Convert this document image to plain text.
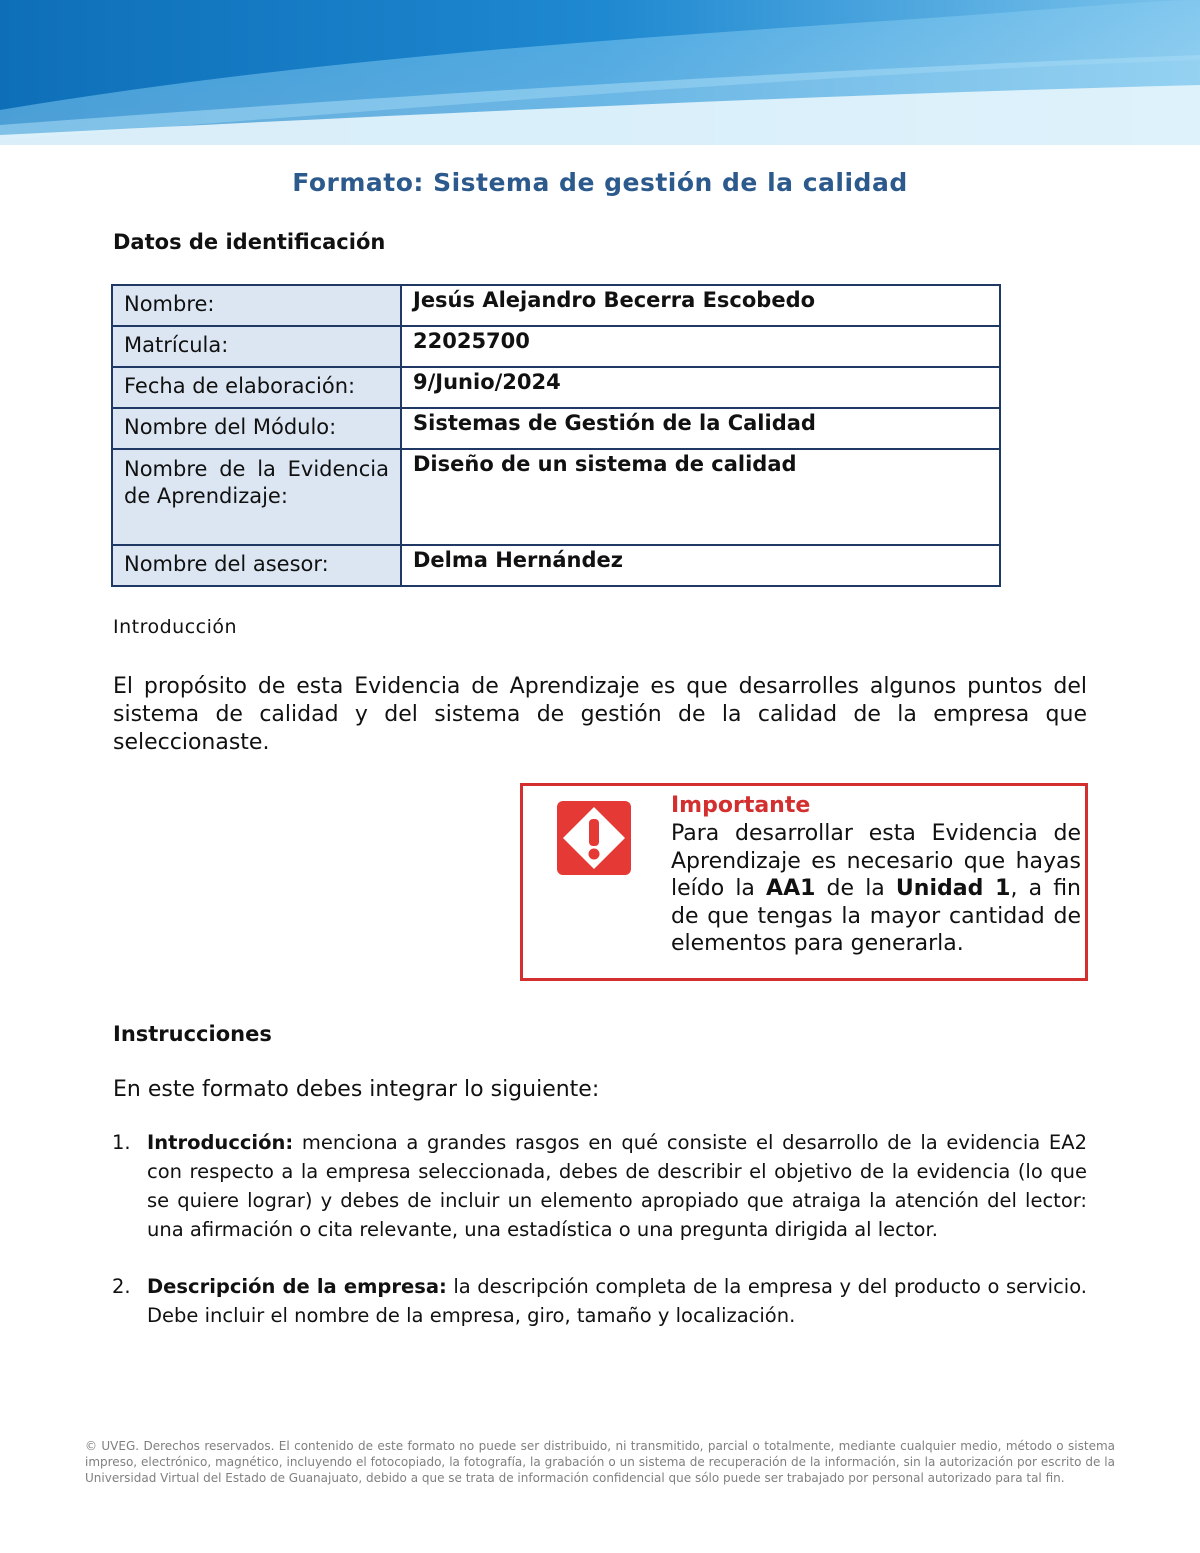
Formato: Sistema de gestión de la calidad
Datos de identificación
Nombre:	Jesús Alejandro Becerra Escobedo
Matrícula:	22025700
Fecha de elaboración:	9/Junio/2024
Nombre del Módulo:	Sistemas de Gestión de la Calidad

Nombre de la Evidencia de Aprendizaje:	Diseño de un sistema de calidad
Nombre del asesor:	Delma Hernández
Introducción
El propósito de esta Evidencia de Aprendizaje es que desarrolles algunos puntos del sistema de calidad y del sistema de gestión de la calidad de la empresa que seleccionaste.
Importante
Para desarrollar esta Evidencia de Aprendizaje es necesario que hayas leído la AA1 de la Unidad 1, a fin de que tengas la mayor cantidad de elementos para generarla.
Instrucciones
En este formato debes integrar lo siguiente:
1. Introducción: menciona a grandes rasgos en qué consiste el desarrollo de la evidencia EA2 con respecto a la empresa seleccionada, debes de describir el objetivo de la evidencia (lo que se quiere lograr) y debes de incluir un elemento apropiado que atraiga la atención del lector: una afirmación o cita relevante, una estadística o una pregunta dirigida al lector.
2. Descripción de la empresa: la descripción completa de la empresa y del producto o servicio. Debe incluir el nombre de la empresa, giro, tamaño y localización.
© UVEG. Derechos reservados. El contenido de este formato no puede ser distribuido, ni transmitido, parcial o totalmente, mediante cualquier medio, método o sistema impreso, electrónico, magnético, incluyendo el fotocopiado, la fotografía, la grabación o un sistema de recuperación de la información, sin la autorización por escrito de la Universidad Virtual del Estado de Guanajuato, debido a que se trata de información confidencial que sólo puede ser trabajado por personal autorizado para tal fin.
